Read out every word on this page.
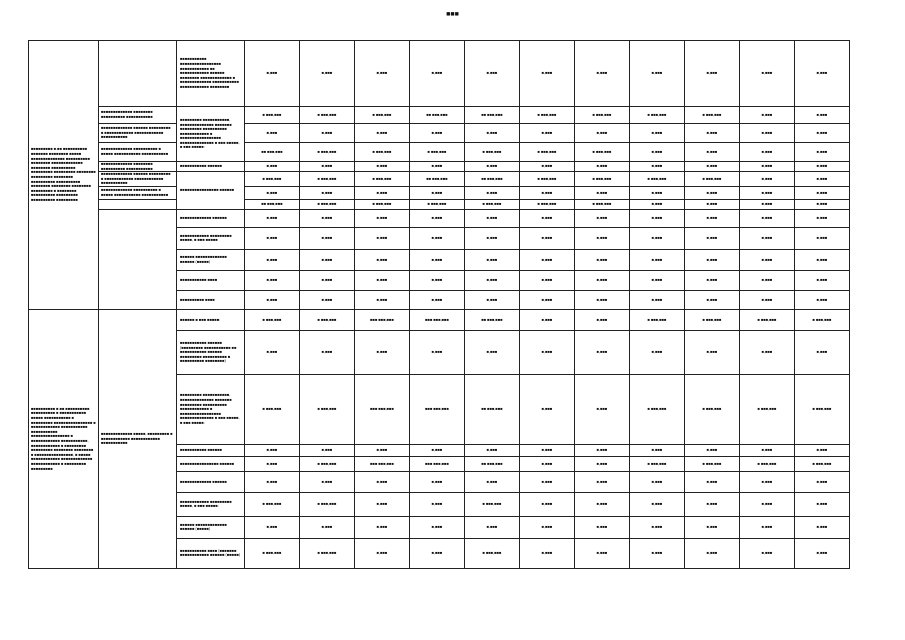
■■■
■■■■■■■■■ ■.■■ ■■■■■■■■■■ ■■■■■■■ ■■■■■■■■ ■■■■■ ■■■■■■■■■■■■■■ ■■■■■■■■■■ ■■■■■■■■ ■■■■■■■■■■■■■ ■■■■■■■■ ■■■■■■■■■■ ■■■■■■■■■ ■■■■■■■■■ ■■■■■■■■ ■■■■■■■■■ ■■■■■■■■ ■■■■■■■■■■ ■■■■■■■■■■ ■■■■■■■■ ■■■■■■■■ ■■■■■■■■ ■■■■■■■■■ ■ ■■■■■■■■ ■■■■■■■■■■ ■■■■■■■■■ ■■■■■■■■■■ ■■■■■■■■■		■■■■■■■■■■■ ■■■■■■■■■■■■■■■■■ ■■■■■■■■■■■■ ■■ ■■■■■■■■■■■■ ■■■■■■ ■■■■■■■■ ■■■■■■■■■■■■■ ■ ■■■■■■■■■■■■■ ■■■■■■■■■■■ ■■■■■■■■■■■■ ■■■■■■■■	■,■■■	■,■■■	■,■■■	■,■■■	■,■■■	■,■■■	■,■■■	■,■■■	■,■■■	■,■■■	■,■■■
	■■■■■■■■■■■■■ ■■■■■■■■ ■■■■■■■■■■ ■■■■■■■■■■■	■■■■■■■■■ ■■■■■■■■■■■, ■■■■■■■■■■■■■■ ■■■■■■■ ■■■■■■■■■ ■■■■■■■■■■ ■■■■■■■■■■■■ ■ ■■■■■■■■■■■■■■■■■ ■■■■■■■■■■■■■■ ■ ■■■ ■■■■■, ■ ■■■ ■■■■■:	■ ■■■,■■■	■ ■■■,■■■	■ ■■■,■■■	■■ ■■■,■■■	■■ ■■■,■■■	■ ■■■,■■■	■ ■■■,■■■	■ ■■■,■■■	■ ■■■,■■■	■,■■■	■,■■■
	■■■■■■■■■■■■■ ■■■■■■ ■■■■■■■■■ ■ ■■■■■■■■■■■■ ■■■■■■■■■■■■ ■■■■■■■■■■■		■,■■■	■,■■■	■,■■■	■,■■■	■,■■■	■,■■■	■,■■■	■,■■■	■,■■■	■,■■■	■,■■■
	■■■■■■■■■■■■■ ■■■■■■■■■■ ■ ■■■■■ ■■■■■■■■■■■ ■■■■■■■■■■■		■■ ■■■,■■■	■ ■■■,■■■	■ ■■■,■■■	■ ■■■,■■■	■ ■■■,■■■	■ ■■■,■■■	■ ■■■,■■■	■,■■■	■,■■■	■,■■■	■,■■■
	■■■■■■■■■■■■■ ■■■■■■■■ ■■■■■■■■■■ ■■■■■■■■■■■	■■■■■■■■■■■ ■■■■■■	■,■■■	■,■■■	■,■■■	■,■■■	■,■■■	■,■■■	■,■■■	■,■■■	■,■■■	■,■■■	■,■■■
	■■■■■■■■■■■■■ ■■■■■■ ■■■■■■■■■ ■ ■■■■■■■■■■■■ ■■■■■■■■■■■■ ■■■■■■■■■■■	■■■■■■■■■■■■■■■■ ■■■■■■	■ ■■■,■■■	■ ■■■,■■■	■ ■■■,■■■	■■ ■■■,■■■	■■ ■■■,■■■	■ ■■■,■■■	■ ■■■,■■■	■ ■■■,■■■	■ ■■■,■■■	■,■■■	■,■■■
	■■■■■■■■■■■■■ ■■■■■■■■■■ ■ ■■■■■ ■■■■■■■■■■■ ■■■■■■■■■■■		■,■■■	■,■■■	■,■■■	■,■■■	■,■■■	■,■■■	■,■■■	■,■■■	■,■■■	■,■■■	■,■■■
			■■ ■■■,■■■	■ ■■■,■■■	■ ■■■,■■■	■ ■■■,■■■	■ ■■■,■■■	■ ■■■,■■■	■ ■■■,■■■	■,■■■	■,■■■	■,■■■	■,■■■
		■■■■■■■■■■■■■ ■■■■■■	■,■■■	■,■■■	■,■■■	■,■■■	■,■■■	■,■■■	■,■■■	■,■■■	■,■■■	■,■■■	■,■■■
		■■■■■■■■■■■■ ■■■■■■■■■ ■■■■■, ■ ■■■ ■■■■■	■,■■■	■,■■■	■,■■■	■,■■■	■,■■■	■,■■■	■,■■■	■,■■■	■,■■■	■,■■■	■,■■■
		■■■■■■ ■■■■■■■■■■■■■ ■■■■■■ (■■■■■)	■,■■■	■,■■■	■,■■■	■,■■■	■,■■■	■,■■■	■,■■■	■,■■■	■,■■■	■,■■■	■,■■■
		■■■■■■■■■■■ ■■■■	■,■■■	■,■■■	■,■■■	■,■■■	■,■■■	■,■■■	■,■■■	■,■■■	■,■■■	■,■■■	■,■■■
		■■■■■■■■■■ ■■■■	■,■■■	■,■■■	■,■■■	■,■■■	■,■■■	■,■■■	■,■■■	■,■■■	■,■■■	■,■■■	■,■■■
■■■■■■■■■■ ■.■■ ■■■■■■■■■■ ■■■■■■■■■■ ■ ■■■■■■■■■■■ ■■■■■ ■■■■■■■■■■■ ■ ■■■■■■■■■ ■■■■■■■■■■■■■■■■ ■ ■■■■■■■■■■■■ ■■■■■■■■■■■ ■■■■■■■■■■■ ■■■■■■■■■■■■■■■■ ■ ■■■■■■■■■■■■ ■■■■■■■■■■■, ■■■■■■■■■■■■ ■ ■■■■■■■■■ ■■■■■■■■■ ■■■■■■■■ ■■■■■■■■ ■ ■■■■■■■■■■■■■■■■, ■ ■■■■■ ■■■■■■■■■■■■ ■■■■■■■■■■■■■ ■■■■■■■■■■■■ ■ ■■■■■■■■■ ■■■■■■■■■	■■■■■■■■■■■■■ ■■■■■, ■■■■■■■■■ ■ ■■■■■■■■■■■■ ■■■■■■■■■■■■ ■■■■■■■■■■■	■■■■■■ ■ ■■■ ■■■■■:	■ ■■■,■■■	■ ■■■,■■■	■■■ ■■■,■■■	■■■ ■■■,■■■	■■ ■■■,■■■	■,■■■	■,■■■	■ ■■■,■■■	■ ■■■,■■■	■ ■■■,■■■	■ ■■■,■■■
		■■■■■■■■■■■ ■■■■■■ (■■■■■■■■■ ■■■■■■■■■■■ ■■ ■■■■■■■■■■■ ■■■■■■ ■■■■■■■■■ ■■■■■■■■■■ ■ ■■■■■■■■■■ ■■■■■■■■)	■,■■■	■,■■■	■,■■■	■,■■■	■,■■■	■,■■■	■,■■■	■,■■■	■,■■■	■,■■■	■,■■■
		■■■■■■■■■ ■■■■■■■■■■■, ■■■■■■■■■■■■■■ ■■■■■■■ ■■■■■■■■■ ■■■■■■■■■■ ■■■■■■■■■■■■ ■ ■■■■■■■■■■■■■■■■■ ■■■■■■■■■■■■■■ ■ ■■■ ■■■■■, ■ ■■■ ■■■■■:	■ ■■■,■■■	■ ■■■,■■■	■■■ ■■■,■■■	■■■ ■■■,■■■	■■ ■■■,■■■	■,■■■	■,■■■	■ ■■■,■■■	■ ■■■,■■■	■ ■■■,■■■	■ ■■■,■■■
		■■■■■■■■■■■ ■■■■■■	■,■■■	■,■■■	■,■■■	■,■■■	■,■■■	■,■■■	■,■■■	■,■■■	■,■■■	■,■■■	■,■■■
		■■■■■■■■■■■■■■■■ ■■■■■■	■,■■■	■ ■■■,■■■	■■■ ■■■,■■■	■■■ ■■■,■■■	■■ ■■■,■■■	■,■■■	■,■■■	■ ■■■,■■■	■ ■■■,■■■	■ ■■■,■■■	■ ■■■,■■■
		■■■■■■■■■■■■■ ■■■■■■	■,■■■	■,■■■	■,■■■	■,■■■	■,■■■	■,■■■	■,■■■	■,■■■	■,■■■	■,■■■	■,■■■
		■■■■■■■■■■■■ ■■■■■■■■■ ■■■■■, ■ ■■■ ■■■■■:	■ ■■■,■■■	■ ■■■,■■■	■,■■■	■,■■■	■ ■■■,■■■	■,■■■	■,■■■	■,■■■	■,■■■	■,■■■	■,■■■
		■■■■■■ ■■■■■■■■■■■■■ ■■■■■■ (■■■■■)	■,■■■	■,■■■	■,■■■	■,■■■	■,■■■	■,■■■	■,■■■	■,■■■	■,■■■	■,■■■	■,■■■
		■■■■■■■■■■■ ■■■■ (■■■■■■■ ■■■■■■■■■■■■ ■■■■■■ (■■■■■)	■ ■■■,■■■	■ ■■■,■■■	■,■■■	■,■■■	■ ■■■,■■■	■,■■■	■,■■■	■,■■■	■,■■■	■,■■■	■,■■■
